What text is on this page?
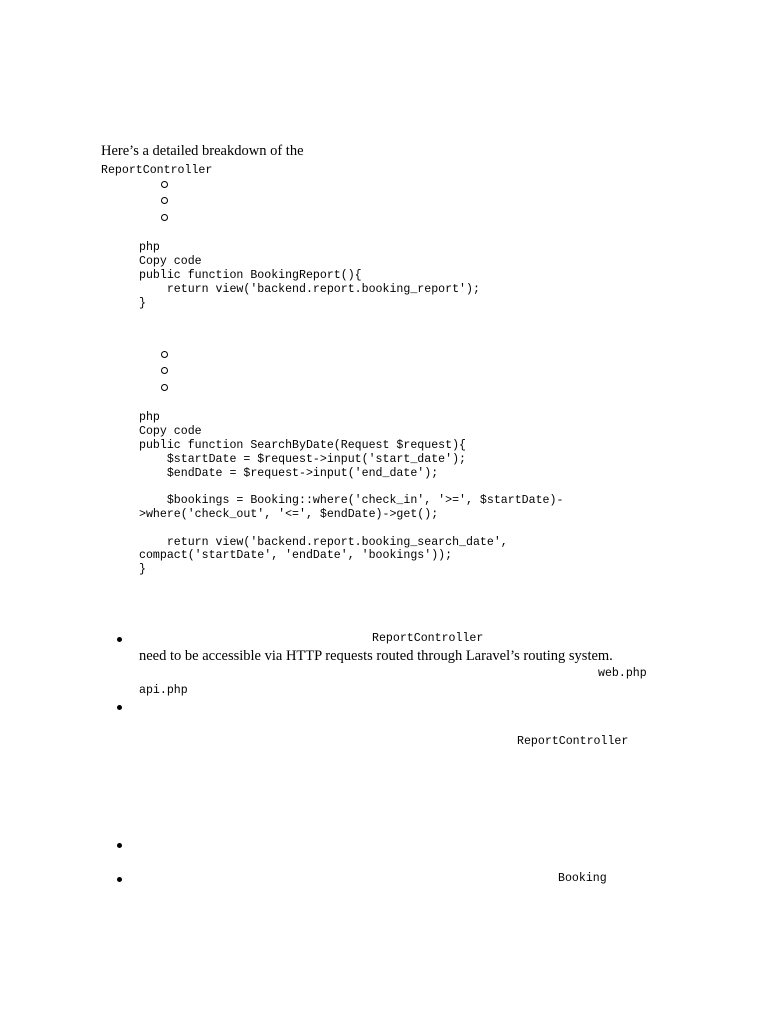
Here’s a detailed breakdown of the
ReportController

php
Copy code
public function BookingReport(){
return view('backend.report.booking_report');
}
php
Copy code
public function SearchByDate(Request $request){
$startDate = $request->input('start_date');
$endDate = $request->input('end_date');

$bookings = Booking::where('check_in', '>=', $startDate)-
>where('check_out', '<=', $endDate)->get();

return view('backend.report.booking_search_date',
compact('startDate', 'endDate', 'bookings'));
}
ReportController
need to be accessible via HTTP requests routed through Laravel’s routing system.
web.php
api.php
ReportController
Booking
